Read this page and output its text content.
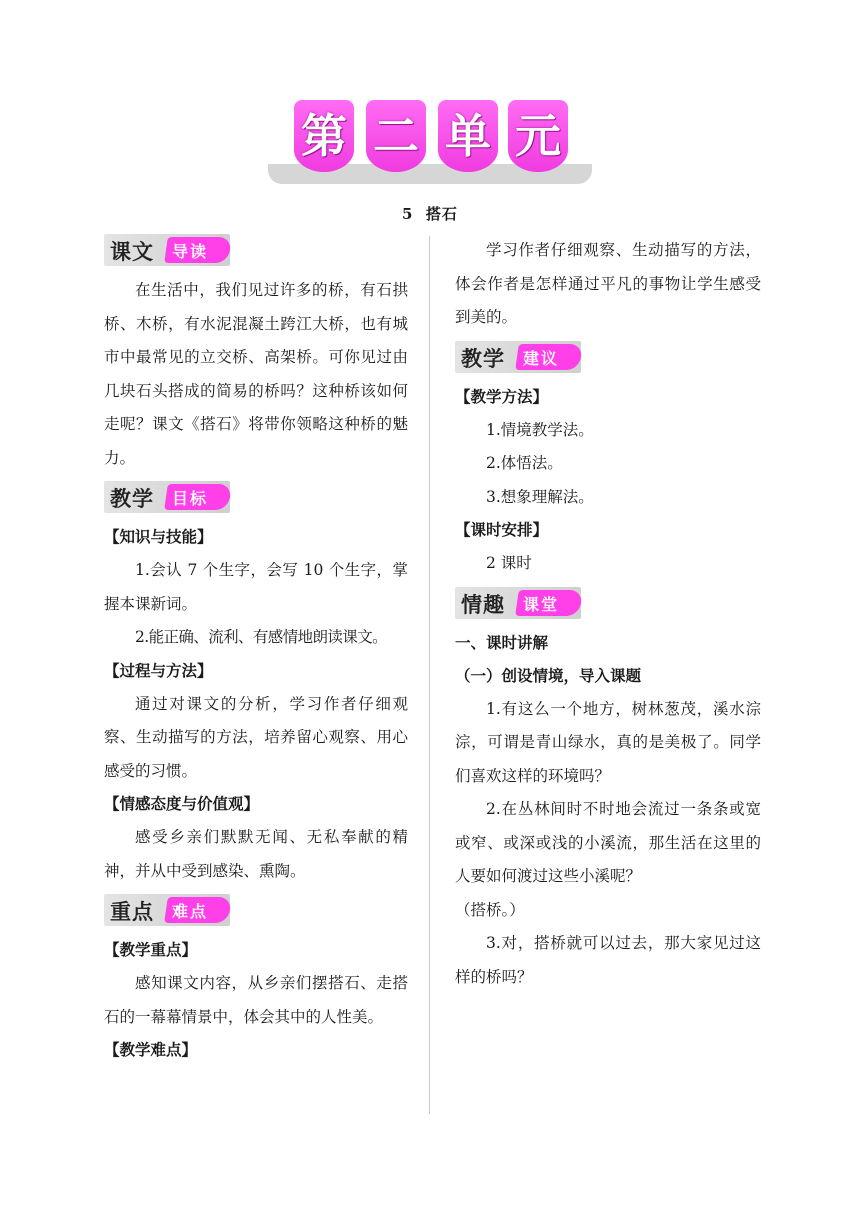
第 二 单 元
5  搭石
课文 导读

在生活中，我们见过许多的桥，有石拱桥、木桥，有水泥混凝土跨江大桥，也有城市中最常见的立交桥、高架桥。可你见过由几块石头搭成的简易的桥吗？这种桥该如何走呢？课文《搭石》将带你领略这种桥的魅力。

教学 目标

【知识与技能】

1.会认 7 个生字，会写 10 个生字，掌握本课新词。

2.能正确、流利、有感情地朗读课文。

【过程与方法】

通过对课文的分析，学习作者仔细观察、生动描写的方法，培养留心观察、用心感受的习惯。

【情感态度与价值观】

感受乡亲们默默无闻、无私奉献的精神，并从中受到感染、熏陶。

重点 难点

【教学重点】

感知课文内容，从乡亲们摆搭石、走搭石的一幕幕情景中，体会其中的人性美。

【教学难点】

学习作者仔细观察、生动描写的方法，体会作者是怎样通过平凡的事物让学生感受到美的。

教学 建议

【教学方法】

1.情境教学法。

2.体悟法。

3.想象理解法。

【课时安排】

2 课时

情趣 课堂

一、课时讲解

（一）创设情境，导入课题

1.有这么一个地方，树林葱茂，溪水淙淙，可谓是青山绿水，真的是美极了。同学们喜欢这样的环境吗？

2.在丛林间时不时地会流过一条条或宽或窄、或深或浅的小溪流，那生活在这里的人要如何渡过这些小溪呢？

（搭桥。）

3.对，搭桥就可以过去，那大家见过这样的桥吗？
